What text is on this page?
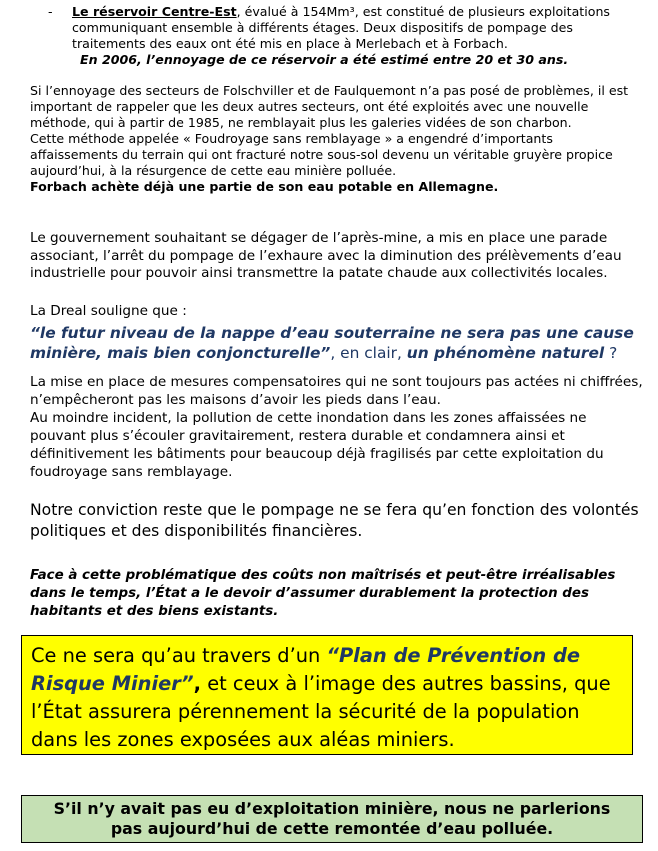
- Le réservoir Centre-Est, évalué à 154Mm³, est constitué de plusieurs exploitations communiquant ensemble à différents étages. Deux dispositifs de pompage des traitements des eaux ont été mis en place à Merlebach et à Forbach.
En 2006, l’ennoyage de ce réservoir a été estimé entre 20 et 30 ans.
Si l’ennoyage des secteurs de Folschviller et de Faulquemont n’a pas posé de problèmes, il est important de rappeler que les deux autres secteurs, ont été exploités avec une nouvelle méthode, qui à partir de 1985, ne remblayait plus les galeries vidées de son charbon.
Cette méthode appelée « Foudroyage sans remblayage » a engendré d’importants affaissements du terrain qui ont fracturé notre sous-sol devenu un véritable gruyère propice aujourd’hui, à la résurgence de cette eau minière polluée.
Forbach achète déjà une partie de son eau potable en Allemagne.
Le gouvernement souhaitant se dégager de l’après-mine, a mis en place une parade associant, l’arrêt du pompage de l’exhaure avec la diminution des prélèvements d’eau industrielle pour pouvoir ainsi transmettre la patate chaude aux collectivités locales.
La Dreal souligne que :
“le futur niveau de la nappe d’eau souterraine ne sera pas une cause minière, mais bien conjoncturelle”, en clair, un phénomène naturel ?
La mise en place de mesures compensatoires qui ne sont toujours pas actées ni chiffrées, n’empêcheront pas les maisons d’avoir les pieds dans l’eau.
Au moindre incident, la pollution de cette inondation dans les zones affaissées ne pouvant plus s’écouler gravitairement, restera durable et condamnera ainsi et définitivement les bâtiments pour beaucoup déjà fragilisés par cette exploitation du foudroyage sans remblayage.
Notre conviction reste que le pompage ne se fera qu’en fonction des volontés politiques et des disponibilités financières.
Face à cette problématique des coûts non maîtrisés et peut-être irréalisables dans le temps, l’État a le devoir d’assumer durablement la protection des habitants et des biens existants.
Ce ne sera qu’au travers d’un “Plan de Prévention de Risque Minier”, et ceux à l’image des autres bassins, que l’État assurera pérennement la sécurité de la population dans les zones exposées aux aléas miniers.
S’il n’y avait pas eu d’exploitation minière, nous ne parlerions
pas aujourd’hui de cette remontée d’eau polluée.
